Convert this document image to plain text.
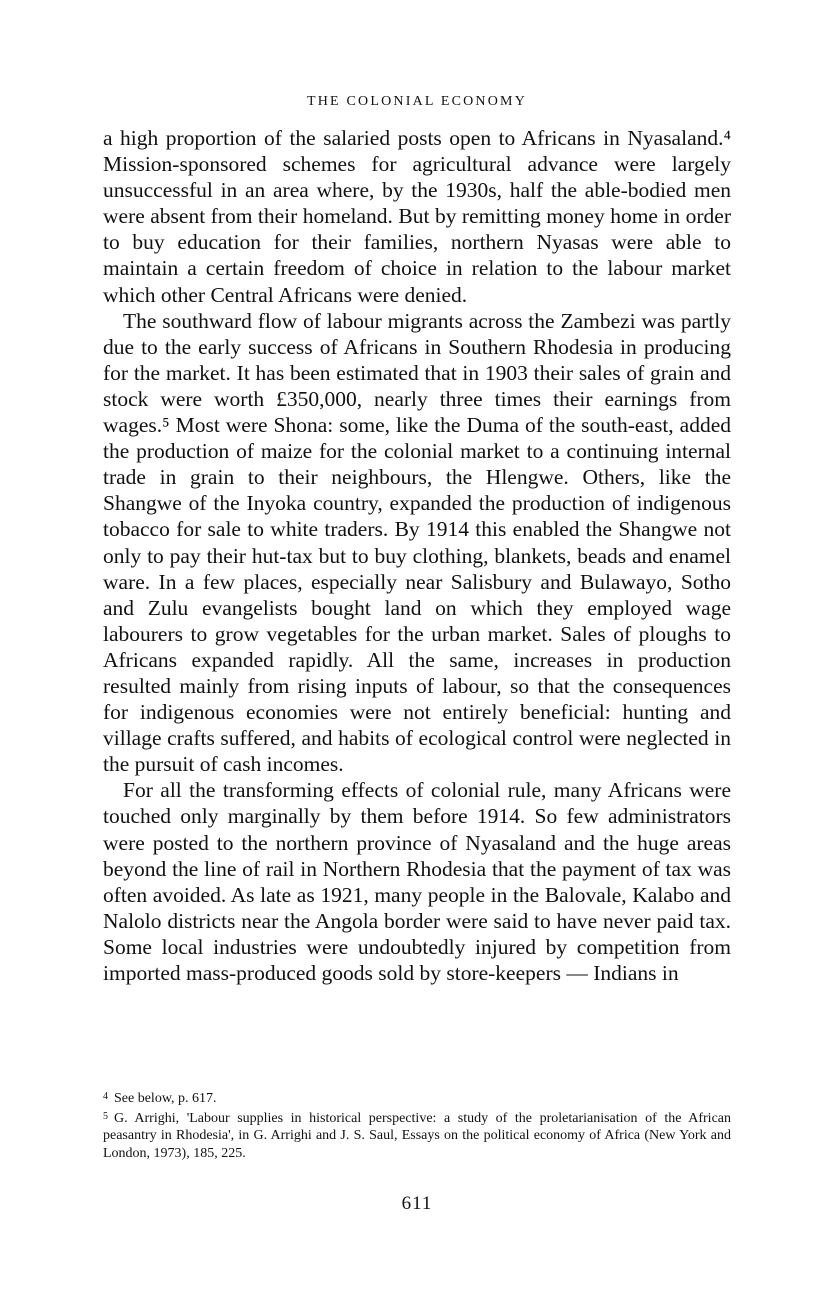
THE COLONIAL ECONOMY

a high proportion of the salaried posts open to Africans in Nyasaland.⁴ Mission-sponsored schemes for agricultural advance were largely unsuccessful in an area where, by the 1930s, half the able-bodied men were absent from their homeland. But by remitting money home in order to buy education for their families, northern Nyasas were able to maintain a certain freedom of choice in relation to the labour market which other Central Africans were denied.

The southward flow of labour migrants across the Zambezi was partly due to the early success of Africans in Southern Rhodesia in producing for the market. It has been estimated that in 1903 their sales of grain and stock were worth £350,000, nearly three times their earnings from wages.⁵ Most were Shona: some, like the Duma of the south-east, added the production of maize for the colonial market to a continuing internal trade in grain to their neighbours, the Hlengwe. Others, like the Shangwe of the Inyoka country, expanded the production of indigenous tobacco for sale to white traders. By 1914 this enabled the Shangwe not only to pay their hut-tax but to buy clothing, blankets, beads and enamel ware. In a few places, especially near Salisbury and Bulawayo, Sotho and Zulu evangelists bought land on which they employed wage labourers to grow vegetables for the urban market. Sales of ploughs to Africans expanded rapidly. All the same, increases in production resulted mainly from rising inputs of labour, so that the consequences for indigenous economies were not entirely beneficial: hunting and village crafts suffered, and habits of ecological control were neglected in the pursuit of cash incomes.

For all the transforming effects of colonial rule, many Africans were touched only marginally by them before 1914. So few administrators were posted to the northern province of Nyasaland and the huge areas beyond the line of rail in Northern Rhodesia that the payment of tax was often avoided. As late as 1921, many people in the Balovale, Kalabo and Nalolo districts near the Angola border were said to have never paid tax. Some local industries were undoubtedly injured by competition from imported mass-produced goods sold by store-keepers — Indians in

$^4$ See below, p. 617.

$^5$ G. Arrighi, 'Labour supplies in historical perspective: a study of the proletarianisation of the African peasantry in Rhodesia', in G. Arrighi and J. S. Saul, Essays on the political economy of Africa (New York and London, 1973), 185, 225.

611
